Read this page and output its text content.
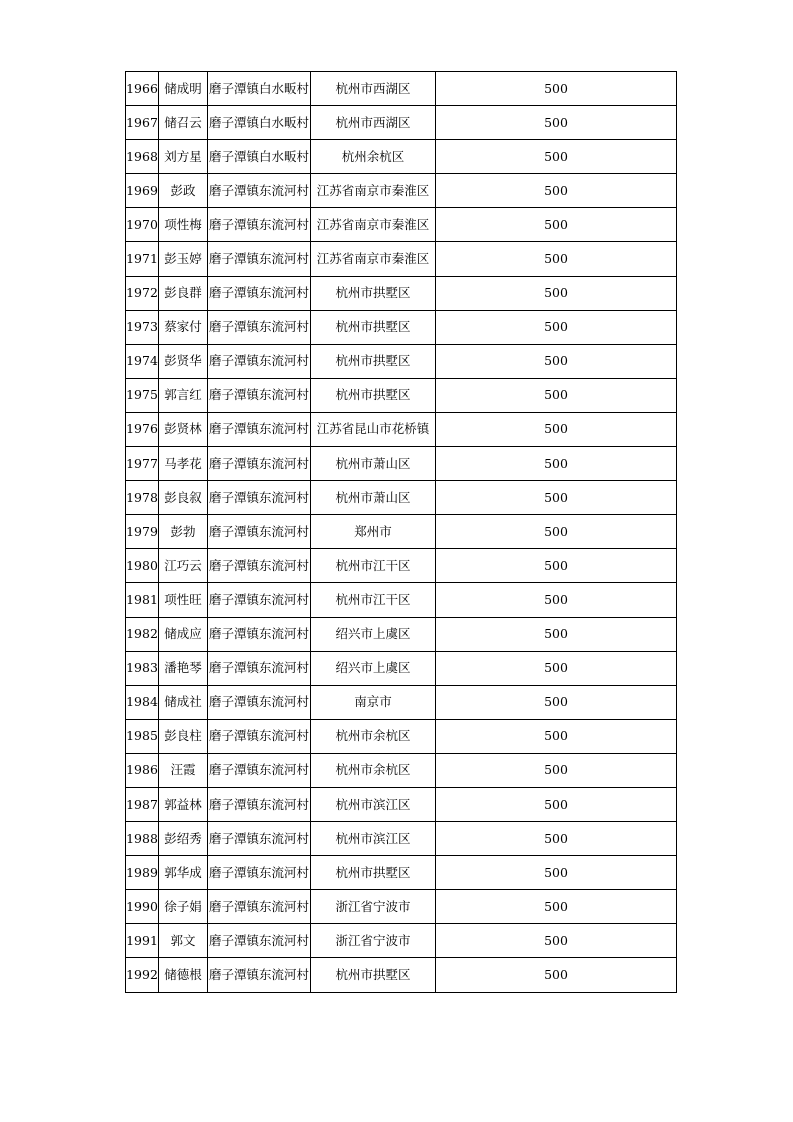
1966	储成明	磨子潭镇白水畈村	杭州市西湖区	500
1967	储召云	磨子潭镇白水畈村	杭州市西湖区	500
1968	刘方星	磨子潭镇白水畈村	杭州余杭区	500
1969	彭政	磨子潭镇东流河村	江苏省南京市秦淮区	500
1970	项性梅	磨子潭镇东流河村	江苏省南京市秦淮区	500
1971	彭玉婷	磨子潭镇东流河村	江苏省南京市秦淮区	500
1972	彭良群	磨子潭镇东流河村	杭州市拱墅区	500
1973	蔡家付	磨子潭镇东流河村	杭州市拱墅区	500
1974	彭贤华	磨子潭镇东流河村	杭州市拱墅区	500
1975	郭言红	磨子潭镇东流河村	杭州市拱墅区	500
1976	彭贤林	磨子潭镇东流河村	江苏省昆山市花桥镇	500
1977	马孝花	磨子潭镇东流河村	杭州市萧山区	500
1978	彭良叙	磨子潭镇东流河村	杭州市萧山区	500
1979	彭勃	磨子潭镇东流河村	郑州市	500
1980	江巧云	磨子潭镇东流河村	杭州市江干区	500
1981	项性旺	磨子潭镇东流河村	杭州市江干区	500
1982	储成应	磨子潭镇东流河村	绍兴市上虞区	500
1983	潘艳琴	磨子潭镇东流河村	绍兴市上虞区	500
1984	储成社	磨子潭镇东流河村	南京市	500
1985	彭良柱	磨子潭镇东流河村	杭州市余杭区	500
1986	汪霞	磨子潭镇东流河村	杭州市余杭区	500
1987	郭益林	磨子潭镇东流河村	杭州市滨江区	500
1988	彭绍秀	磨子潭镇东流河村	杭州市滨江区	500
1989	郭华成	磨子潭镇东流河村	杭州市拱墅区	500
1990	徐子娟	磨子潭镇东流河村	浙江省宁波市	500
1991	郭文	磨子潭镇东流河村	浙江省宁波市	500
1992	储德根	磨子潭镇东流河村	杭州市拱墅区	500
